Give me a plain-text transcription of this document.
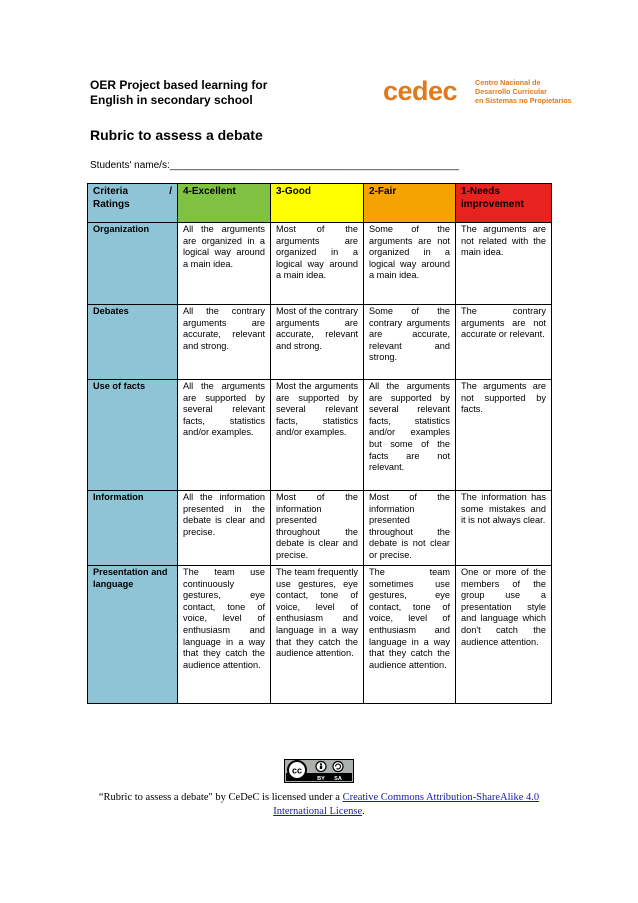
OER Project based learning for
English in secondary school	cedec Centro Nacional de
Desarrollo Curricular
en Sistemas no Propietarios
Rubric to assess a debate
Students' name/s:____________________________________________________
Criteria /
Ratings	4-Excellent	3-Good	2-Fair	1-Needs improvement
Organization	All the arguments are organized in a logical way around a main idea.	Most of the arguments are organized in a logical way around a main idea.	Some of the arguments are not organized in a logical way around a main idea.	The arguments are not related with the main idea.
Debates	All the contrary arguments are accurate, relevant and strong.	Most of the contrary arguments are accurate, relevant and strong.	Some of the contrary arguments are accurate, relevant and strong.	The contrary arguments are not accurate or relevant.
Use of facts	All the arguments are supported by several relevant facts, statistics and/or examples.	Most the arguments are supported by several relevant facts, statistics and/or examples.	All the arguments are supported by several relevant facts, statistics and/or examples but some of the facts are not relevant.	The arguments are not supported by facts.
Information	All the information presented in the debate is clear and precise.	Most of the information presented throughout the debate is clear and precise.	Most of the information presented throughout the debate is not clear or precise.	The information has some mistakes and it is not always clear.
Presentation and language	The team use continuously gestures, eye contact, tone of voice, level of enthusiasm and language in a way that they catch the audience attention.	The team frequently use gestures, eye contact, tone of voice, level of enthusiasm and language in a way that they catch the audience attention.	The team sometimes use gestures, eye contact, tone of voice, level of enthusiasm and language in a way that they catch the audience attention.	One or more of the members of the group use a presentation style and language which don't catch the audience attention.
cc
BY SA
“Rubric to assess a debate" by CeDeC is licensed under a Creative Commons Attribution-ShareAlike 4.0 International License.
